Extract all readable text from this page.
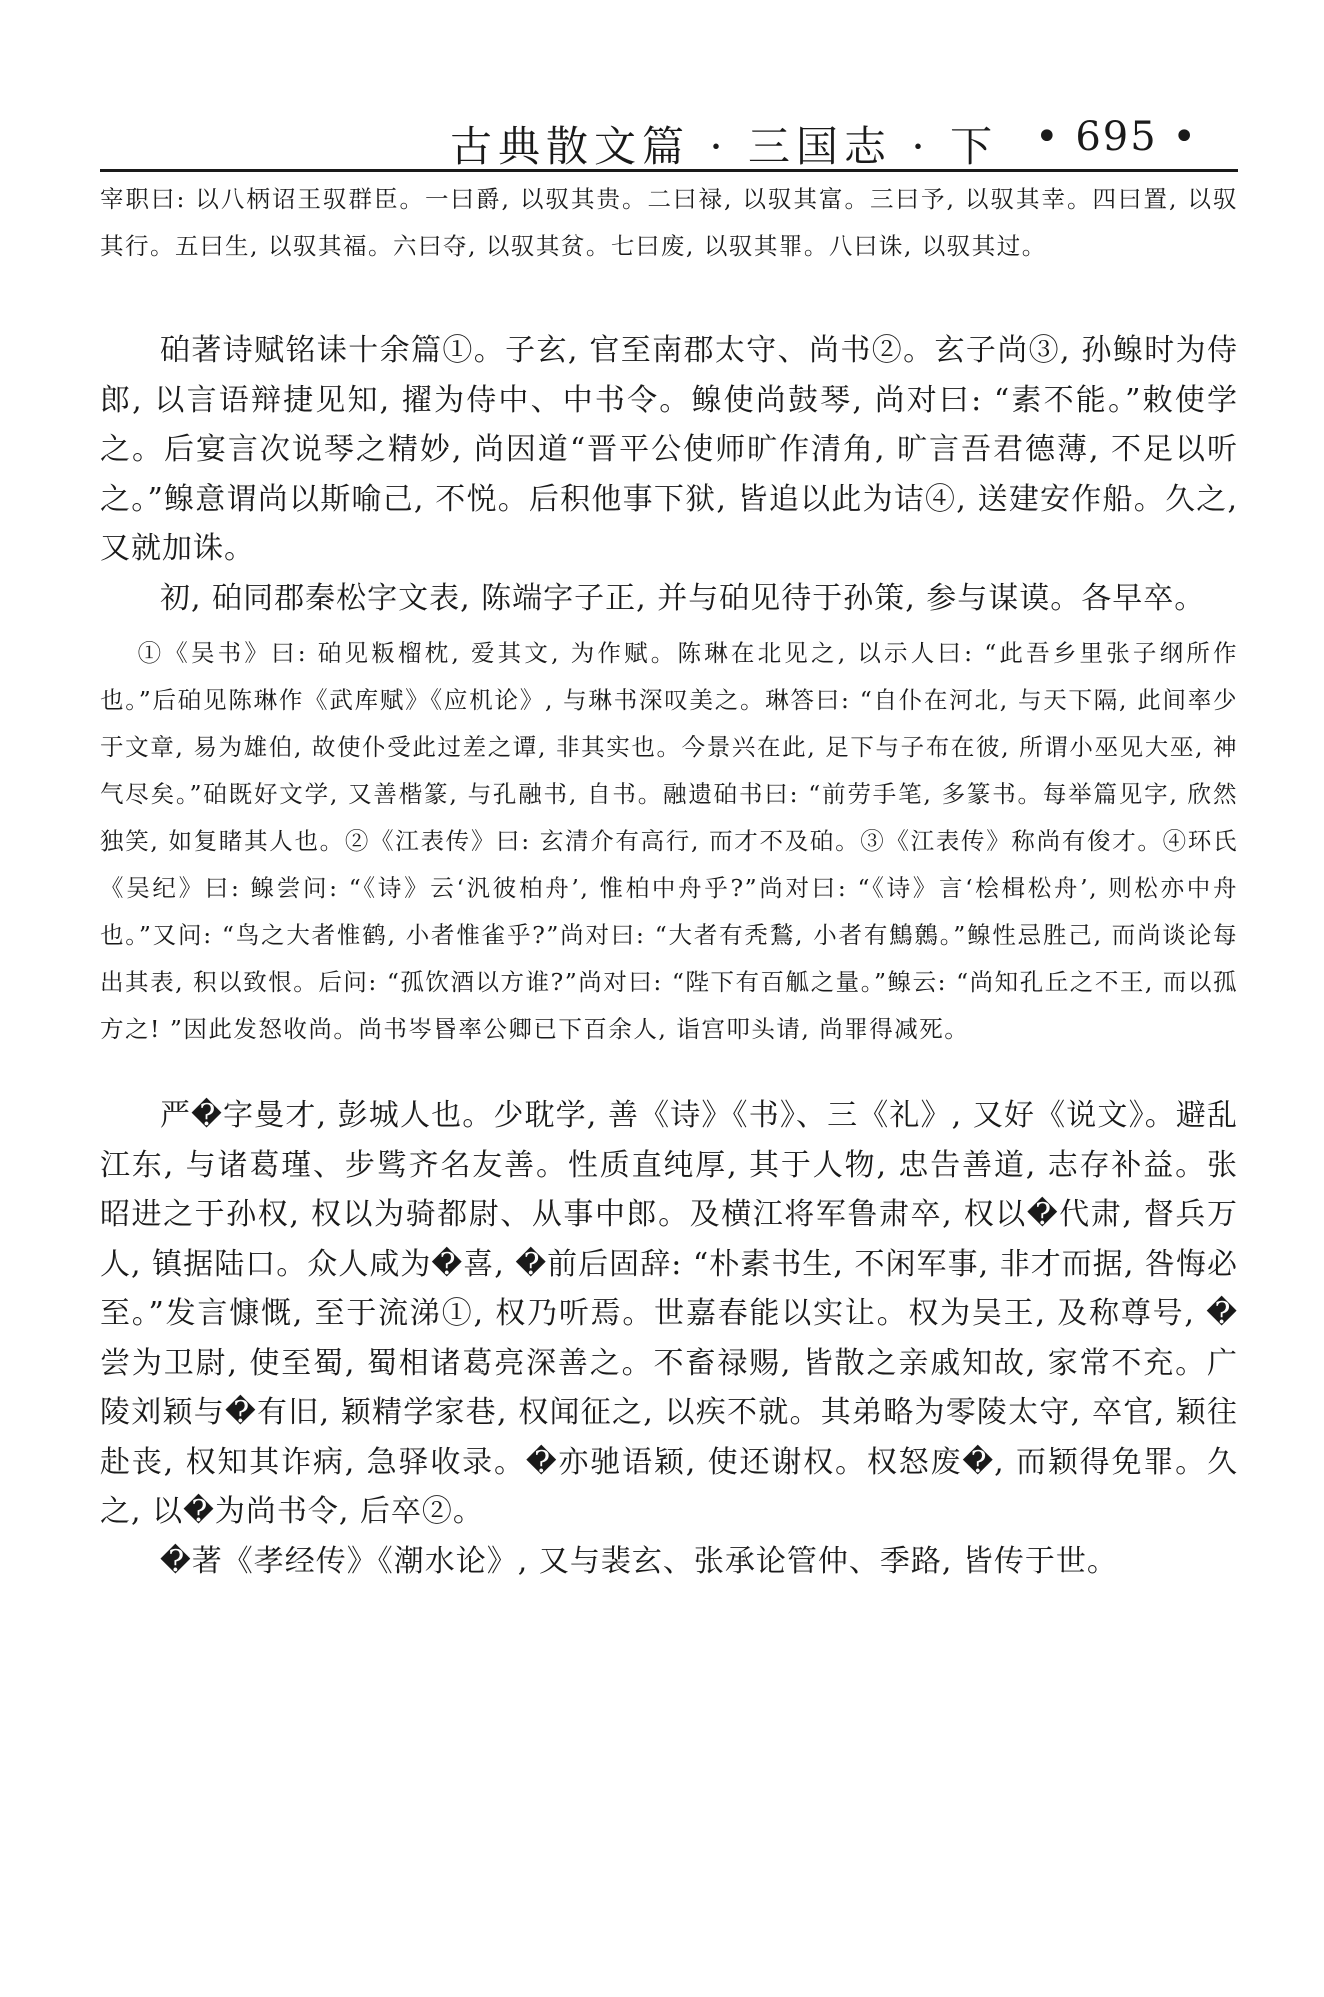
古典散文篇 · 三国志 · 下 • 695 •

宰职曰: 以八柄诏王驭群臣。一曰爵, 以驭其贵。二曰禄, 以驭其富。三曰予, 以驭其幸。四曰置, 以驭其行。五曰生, 以驭其福。六曰夺, 以驭其贫。七曰废, 以驭其罪。八曰诛, 以驭其过。

砶著诗赋铭诔十余篇①。子玄, 官至南郡太守、尚书②。玄子尚③, 孙鳈时为侍郎, 以言语辩捷见知, 擢为侍中、中书令。鳈使尚鼓琴, 尚对曰: “素不能。”敕使学之。后宴言次说琴之精妙, 尚因道“晋平公使师旷作清角, 旷言吾君德薄, 不足以听之。”鳈意谓尚以斯喻己, 不悦。后积他事下狱, 皆追以此为诘④, 送建安作船。久之, 又就加诛。

初, 砶同郡秦松字文表, 陈端字子正, 并与砶见待于孙策, 参与谋谟。各早卒。

①《吴书》曰: 砶见粄榴枕, 爱其文, 为作赋。陈琳在北见之, 以示人曰: “此吾乡里张子纲所作也。”后砶见陈琳作《武库赋》《应机论》, 与琳书深叹美之。琳答曰: “自仆在河北, 与天下隔, 此间率少于文章, 易为雄伯, 故使仆受此过差之谭, 非其实也。今景兴在此, 足下与子布在彼, 所谓小巫见大巫, 神气尽矣。”砶既好文学, 又善楷篆, 与孔融书, 自书。融遗砶书曰: “前劳手笔, 多篆书。每举篇见字, 欣然独笑, 如复睹其人也。②《江表传》曰: 玄清介有高行, 而才不及砶。③《江表传》称尚有俊才。④环氏《吴纪》曰: 鳈尝问: “《诗》云‘汎彼柏舟’, 惟柏中舟乎?”尚对曰: “《诗》言‘桧楫松舟’, 则松亦中舟也。”又问: “鸟之大者惟鹤, 小者惟雀乎?”尚对曰: “大者有秃鶖, 小者有鷦鷯。”鳈性忌胜己, 而尚谈论每出其表, 积以致恨。后问: “孤饮酒以方谁?”尚对曰: “陛下有百觚之量。”鳈云: “尚知孔丘之不王, 而以孤方之! ”因此发怒收尚。尚书岑昬率公卿已下百余人, 诣宫叩头请, 尚罪得减死。

严�字曼才, 彭城人也。少耽学, 善《诗》《书》、三《礼》, 又好《说文》。避乱江东, 与诸葛瑾、步骘齐名友善。性质直纯厚, 其于人物, 忠告善道, 志存补益。张昭进之于孙权, 权以为骑都尉、从事中郎。及横江将军鲁肃卒, 权以�代肃, 督兵万人, 镇据陆口。众人咸为�喜, �前后固辞: “朴素书生, 不闲军事, 非才而据, 咎悔必至。”发言慷慨, 至于流涕①, 权乃听焉。世嘉春能以实让。权为吴王, 及称尊号, �尝为卫尉, 使至蜀, 蜀相诸葛亮深善之。不畜禄赐, 皆散之亲戚知故, 家常不充。广陵刘颖与�有旧, 颖精学家巷, 权闻征之, 以疾不就。其弟略为零陵太守, 卒官, 颖往赴丧, 权知其诈病, 急驿收录。�亦驰语颖, 使还谢权。权怒废�, 而颖得免罪。久之, 以�为尚书令, 后卒②。

�著《孝经传》《潮水论》, 又与裴玄、张承论管仲、季路, 皆传于世。
